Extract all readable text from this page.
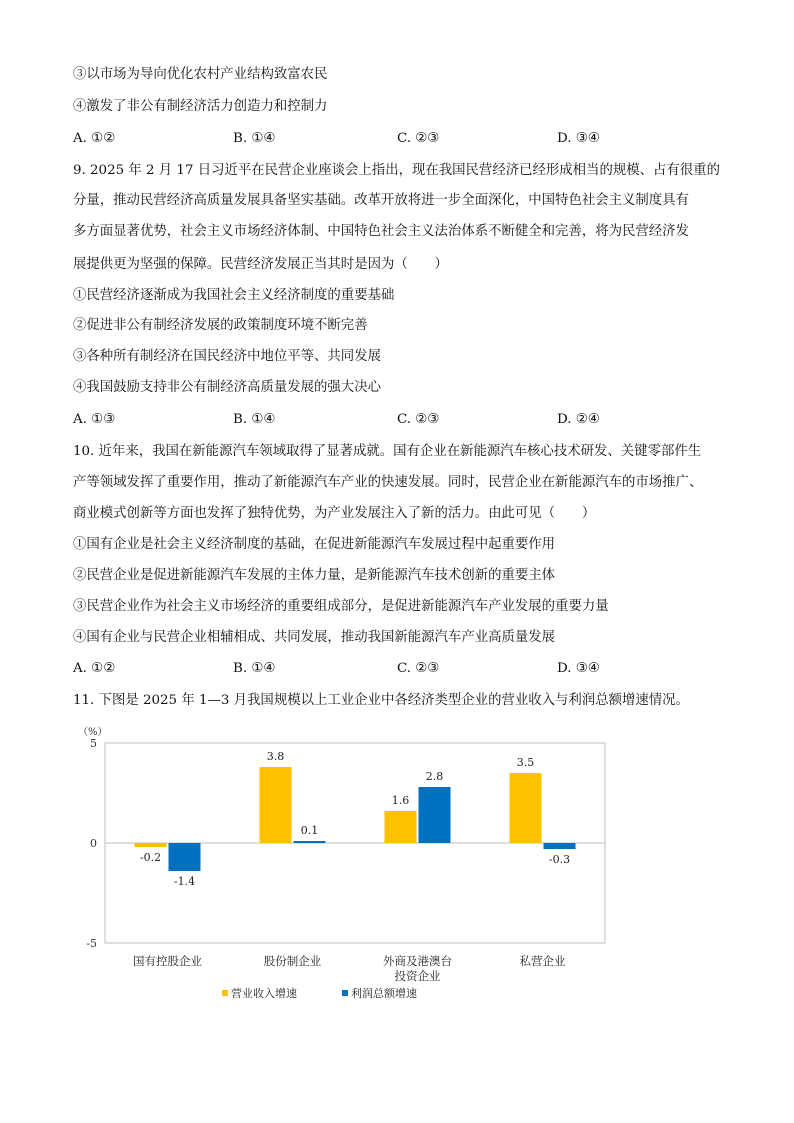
③以市场为导向优化农村产业结构致富农民
④激发了非公有制经济活力创造力和控制力
A. ①②	B. ①④	C. ②③	D. ③④
9. 2025 年 2 月 17 日习近平在民营企业座谈会上指出，现在我国民营经济已经形成相当的规模、占有很重的
分量，推动民营经济高质量发展具备坚实基础。改革开放将进一步全面深化，中国特色社会主义制度具有
多方面显著优势，社会主义市场经济体制、中国特色社会主义法治体系不断健全和完善，将为民营经济发
展提供更为坚强的保障。民营经济发展正当其时是因为（　　）
①民营经济逐渐成为我国社会主义经济制度的重要基础
②促进非公有制经济发展的政策制度环境不断完善
③各种所有制经济在国民经济中地位平等、共同发展
④我国鼓励支持非公有制经济高质量发展的强大决心
A. ①③	B. ①④	C. ②③	D. ②④
10. 近年来，我国在新能源汽车领域取得了显著成就。国有企业在新能源汽车核心技术研发、关键零部件生
产等领域发挥了重要作用，推动了新能源汽车产业的快速发展。同时，民营企业在新能源汽车的市场推广、
商业模式创新等方面也发挥了独特优势，为产业发展注入了新的活力。由此可见（　　）
①国有企业是社会主义经济制度的基础，在促进新能源汽车发展过程中起重要作用
②民营企业是促进新能源汽车发展的主体力量，是新能源汽车技术创新的重要主体
③民营企业作为社会主义市场经济的重要组成部分，是促进新能源汽车产业发展的重要力量
④国有企业与民营企业相辅相成、共同发展，推动我国新能源汽车产业高质量发展
A. ①②	B. ①④	C. ②③	D. ③④
11. 下图是 2025 年 1—3 月我国规模以上工业企业中各经济类型企业的营业收入与利润总额增速情况。
（%）
5
0
-5
-0.2
3.8
1.6
3.5
-1.4
0.1
2.8
-0.3
国有控股企业	股份制企业	外商及港澳台
投资企业
私营企业
营业收入增速	利润总额增速
